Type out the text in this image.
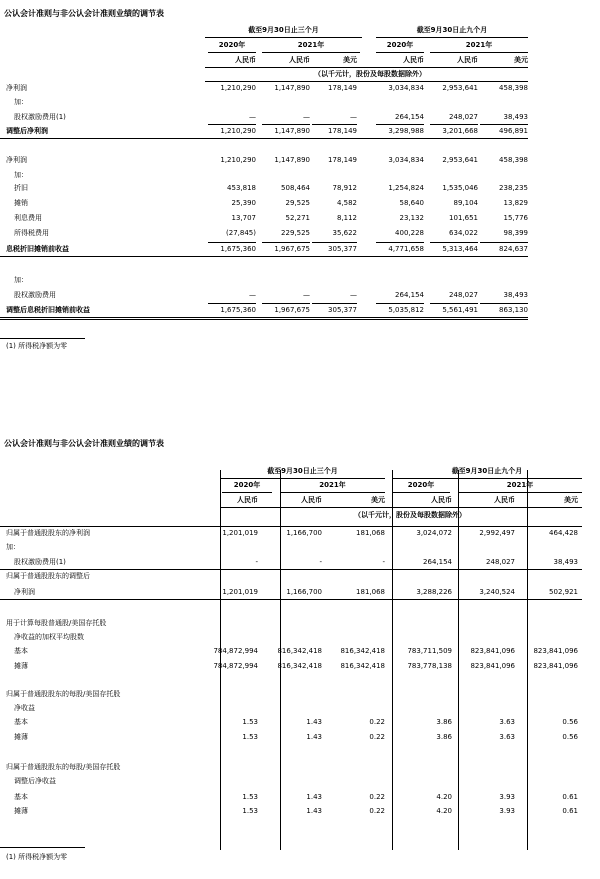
公认会计准则与非公认会计准则业绩的调节表
截至9月30日止三个月	截至9月30日止九个月
2020年	2021年	2020年	2021年
人民币	人民币	美元	人民币	人民币	美元
（以千元计，股份及每股数据除外）
净利润	1,210,290	1,147,890	178,149	3,034,834	2,953,641	458,398
加：
股权激励费用(1)	—	—	—	264,154	248,027	38,493
调整后净利润	1,210,290	1,147,890	178,149	3,298,988	3,201,668	496,891
净利润	1,210,290	1,147,890	178,149	3,034,834	2,953,641	458,398
加：
折旧	453,818	508,464	78,912	1,254,824	1,535,046	238,235
摊销	25,390	29,525	4,582	58,640	89,104	13,829
利息费用	13,707	52,271	8,112	23,132	101,651	15,776
所得税费用	(27,845)	229,525	35,622	400,228	634,022	98,399
息税折旧摊销前收益	1,675,360	1,967,675	305,377	4,771,658	5,313,464	824,637
加：
股权激励费用	—	—	—	264,154	248,027	38,493
调整后息税折旧摊销前收益	1,675,360	1,967,675	305,377	5,035,812	5,561,491	863,130
(1) 所得税净额为零
公认会计准则与非公认会计准则业绩的调节表
截至9月30日止三个月	截至9月30日止九个月
2020年	2021年	2020年	2021年
人民币	人民币	美元	人民币	人民币	美元
（以千元计，股份及每股数据除外）
归属于普通股股东的净利润	1,201,019	1,166,700	181,068	3,024,072	2,992,497	464,428
加：
股权激励费用(1)	-	-	-	264,154	248,027	38,493
归属于普通股股东的调整后
净利润	1,201,019	1,166,700	181,068	3,288,226	3,240,524	502,921
用于计算每股普通股/美国存托股
净收益的加权平均股数
基本	784,872,994	816,342,418	816,342,418	783,711,509	823,841,096	823,841,096
摊薄	784,872,994	816,342,418	816,342,418	783,778,138	823,841,096	823,841,096
归属于普通股股东的每股/美国存托股
净收益
基本	1.53	1.43	0.22	3.86	3.63	0.56
摊薄	1.53	1.43	0.22	3.86	3.63	0.56
归属于普通股股东的每股/美国存托股
调整后净收益
基本	1.53	1.43	0.22	4.20	3.93	0.61
摊薄	1.53	1.43	0.22	4.20	3.93	0.61
(1) 所得税净额为零
